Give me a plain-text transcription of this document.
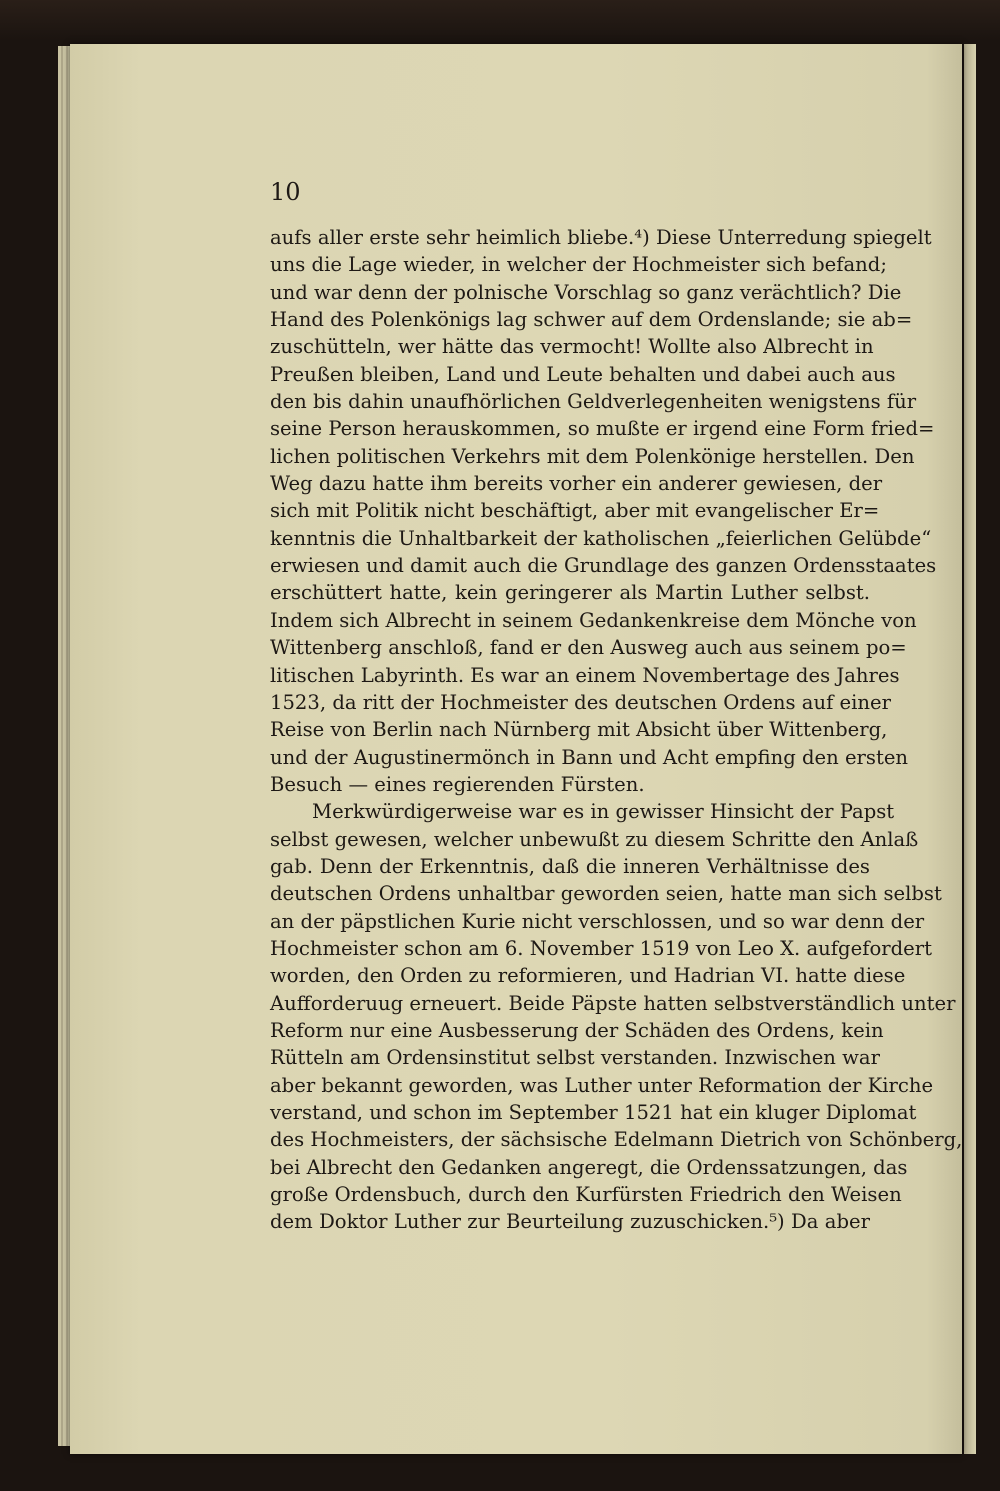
10
aufs aller erste sehr heimlich bliebe.⁴) Diese Unterredung spiegelt
uns die Lage wieder, in welcher der Hochmeister sich befand;
und war denn der polnische Vorschlag so ganz verächtlich? Die
Hand des Polenkönigs lag schwer auf dem Ordenslande; sie ab=
zuschütteln, wer hätte das vermocht! Wollte also Albrecht in
Preußen bleiben, Land und Leute behalten und dabei auch aus
den bis dahin unaufhörlichen Geldverlegenheiten wenigstens für
seine Person herauskommen, so mußte er irgend eine Form fried=
lichen politischen Verkehrs mit dem Polenkönige herstellen. Den
Weg dazu hatte ihm bereits vorher ein anderer gewiesen, der
sich mit Politik nicht beschäftigt, aber mit evangelischer Er=
kenntnis die Unhaltbarkeit der katholischen „feierlichen Gelübde“
erwiesen und damit auch die Grundlage des ganzen Ordensstaates
erschüttert hatte, kein geringerer als Martin Luther selbst.
Indem sich Albrecht in seinem Gedankenkreise dem Mönche von
Wittenberg anschloß, fand er den Ausweg auch aus seinem po=
litischen Labyrinth. Es war an einem Novembertage des Jahres
1523, da ritt der Hochmeister des deutschen Ordens auf einer
Reise von Berlin nach Nürnberg mit Absicht über Wittenberg,
und der Augustinermönch in Bann und Acht empfing den ersten
Besuch — eines regierenden Fürsten.
Merkwürdigerweise war es in gewisser Hinsicht der Papst
selbst gewesen, welcher unbewußt zu diesem Schritte den Anlaß
gab. Denn der Erkenntnis, daß die inneren Verhältnisse des
deutschen Ordens unhaltbar geworden seien, hatte man sich selbst
an der päpstlichen Kurie nicht verschlossen, und so war denn der
Hochmeister schon am 6. November 1519 von Leo X. aufgefordert
worden, den Orden zu reformieren, und Hadrian VI. hatte diese
Aufforderuug erneuert. Beide Päpste hatten selbstverständlich unter
Reform nur eine Ausbesserung der Schäden des Ordens, kein
Rütteln am Ordensinstitut selbst verstanden. Inzwischen war
aber bekannt geworden, was Luther unter Reformation der Kirche
verstand, und schon im September 1521 hat ein kluger Diplomat
des Hochmeisters, der sächsische Edelmann Dietrich von Schönberg,
bei Albrecht den Gedanken angeregt, die Ordenssatzungen, das
große Ordensbuch, durch den Kurfürsten Friedrich den Weisen
dem Doktor Luther zur Beurteilung zuzuschicken.⁵) Da aber
